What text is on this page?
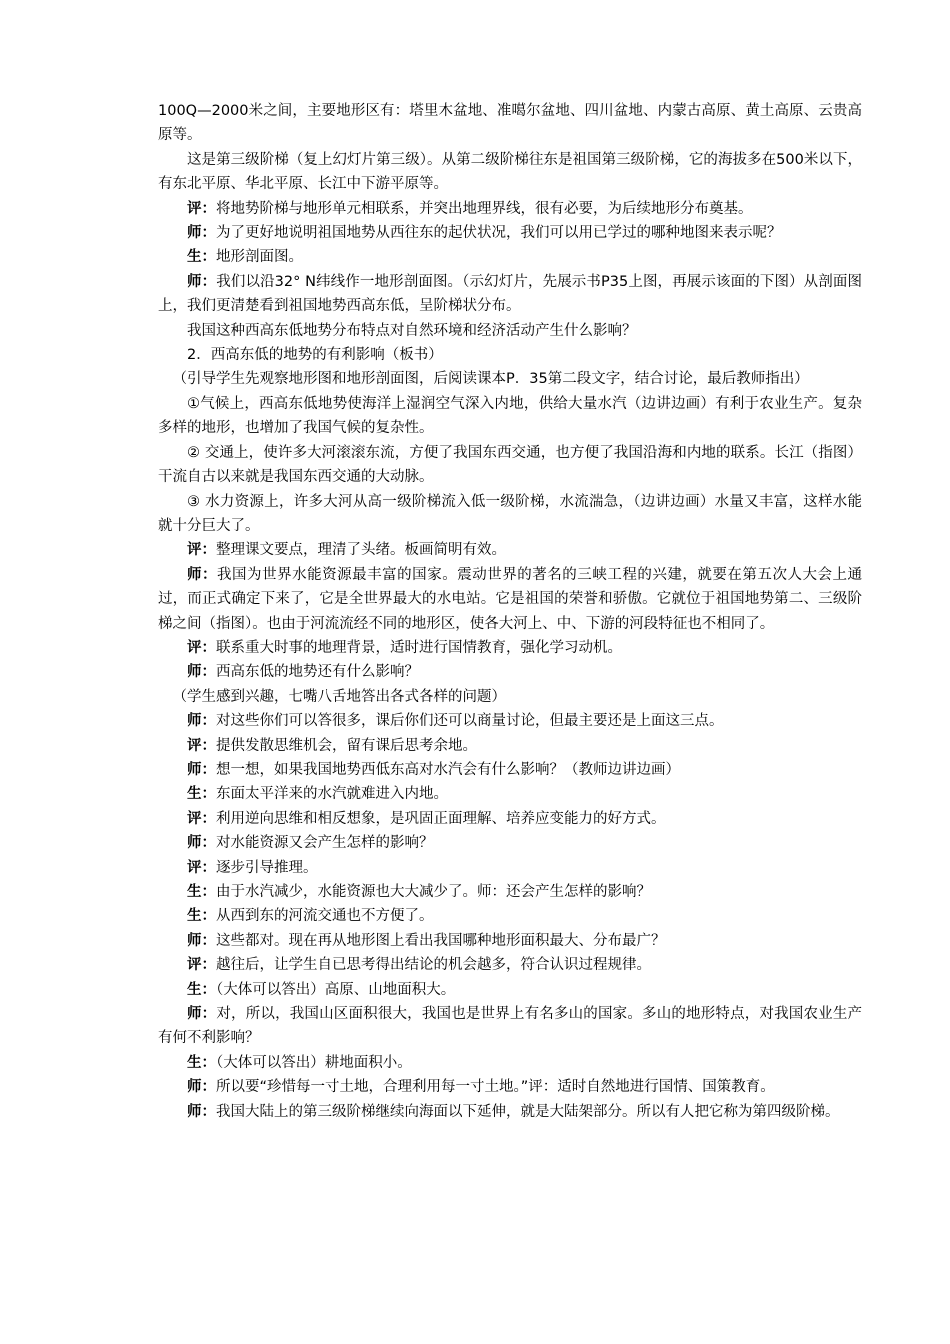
100Q—2000米之间，主要地形区有：塔里木盆地、准噶尔盆地、四川盆地、内蒙古高原、黄土高原、云贵高原等。

这是第三级阶梯（复上幻灯片第三级）。从第二级阶梯往东是祖国第三级阶梯，它的海拔多在500米以下，有东北平原、华北平原、长江中下游平原等。

评：将地势阶梯与地形单元相联系，并突出地理界线，很有必要，为后续地形分布奠基。

师：为了更好地说明祖国地势从西往东的起伏状况，我们可以用已学过的哪种地图来表示呢？

生：地形剖面图。

师：我们以沿32° N纬线作一地形剖面图。（示幻灯片，先展示书P35上图，再展示该面的下图）从剖面图上，我们更清楚看到祖国地势西高东低，呈阶梯状分布。

我国这种西高东低地势分布特点对自然环境和经济活动产生什么影响？

2．西高东低的地势的有利影响（板书）

（引导学生先观察地形图和地形剖面图，后阅读课本P．35第二段文字，结合讨论，最后教师指出）

①气候上，西高东低地势使海洋上湿润空气深入内地，供给大量水汽（边讲边画）有利于农业生产。复杂多样的地形，也增加了我国气候的复杂性。

② 交通上，使许多大河滚滚东流，方便了我国东西交通，也方便了我国沿海和内地的联系。长江（指图）干流自古以来就是我国东西交通的大动脉。

③ 水力资源上，许多大河从高一级阶梯流入低一级阶梯，水流湍急，（边讲边画）水量又丰富，这样水能就十分巨大了。

评：整理课文要点，理清了头绪。板画简明有效。

师：我国为世界水能资源最丰富的国家。震动世界的著名的三峡工程的兴建，就要在第五次人大会上通过，而正式确定下来了，它是全世界最大的水电站。它是祖国的荣誉和骄傲。它就位于祖国地势第二、三级阶梯之间（指图）。也由于河流流经不同的地形区，使各大河上、中、下游的河段特征也不相同了。

评：联系重大时事的地理背景，适时进行国情教育，强化学习动机。

师：西高东低的地势还有什么影响？

（学生感到兴趣，七嘴八舌地答出各式各样的问题）

师：对这些你们可以答很多，课后你们还可以商量讨论，但最主要还是上面这三点。

评：提供发散思维机会，留有课后思考余地。

师：想一想，如果我国地势西低东高对水汽会有什么影响？（教师边讲边画）

生：东面太平洋来的水汽就难进入内地。

评：利用逆向思维和相反想象，是巩固正面理解、培养应变能力的好方式。

师：对水能资源又会产生怎样的影响？

评：逐步引导推理。

生：由于水汽减少，水能资源也大大减少了。师：还会产生怎样的影响？

生：从西到东的河流交通也不方便了。

师：这些都对。现在再从地形图上看出我国哪种地形面积最大、分布最广？

评：越往后，让学生自已思考得出结论的机会越多，符合认识过程规律。

生：（大体可以答出）高原、山地面积大。

师：对，所以，我国山区面积很大，我国也是世界上有名多山的国家。多山的地形特点，对我国农业生产有何不利影响？

生：（大体可以答出）耕地面积小。

师：所以要“珍惜每一寸土地，合理利用每一寸土地。”评：适时自然地进行国情、国策教育。

师：我国大陆上的第三级阶梯继续向海面以下延伸，就是大陆架部分。所以有人把它称为第四级阶梯。
